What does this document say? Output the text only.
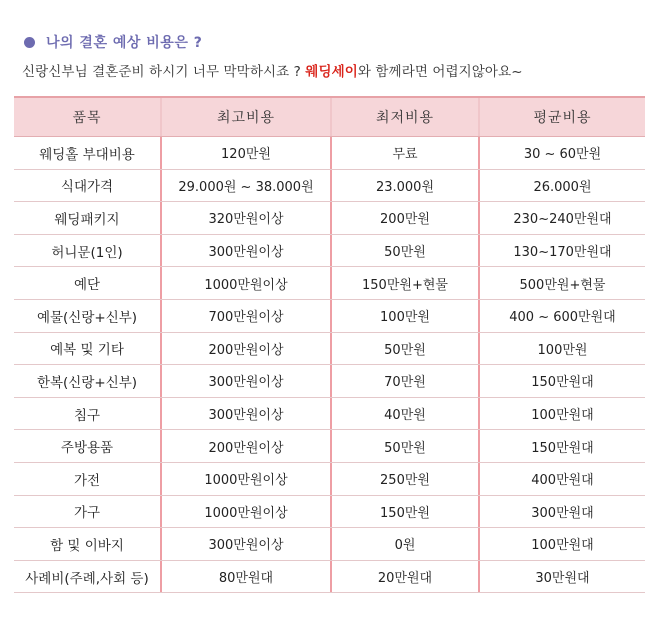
나의 결혼 예상 비용은 ?
신랑신부님 결혼준비 하시기 너무 막막하시죠 ? 웨딩세이와 함께라면 어렵지않아요~
품목	최고비용	최저비용	평균비용
웨딩홀 부대비용	120만원	무료	30 ~ 60만원
식대가격	29.000원 ~ 38.000원	23.000원	26.000원
웨딩패키지	320만원이상	200만원	230~240만원대
허니문(1인)	300만원이상	50만원	130~170만원대
예단	1000만원이상	150만원+현물	500만원+현물
예물(신랑+신부)	700만원이상	100만원	400 ~ 600만원대
예복 및 기타	200만원이상	50만원	100만원
한복(신랑+신부)	300만원이상	70만원	150만원대
침구	300만원이상	40만원	100만원대
주방용품	200만원이상	50만원	150만원대
가전	1000만원이상	250만원	400만원대
가구	1000만원이상	150만원	300만원대
함 및 이바지	300만원이상	0원	100만원대
사례비(주례,사회 등)	80만원대	20만원대	30만원대
